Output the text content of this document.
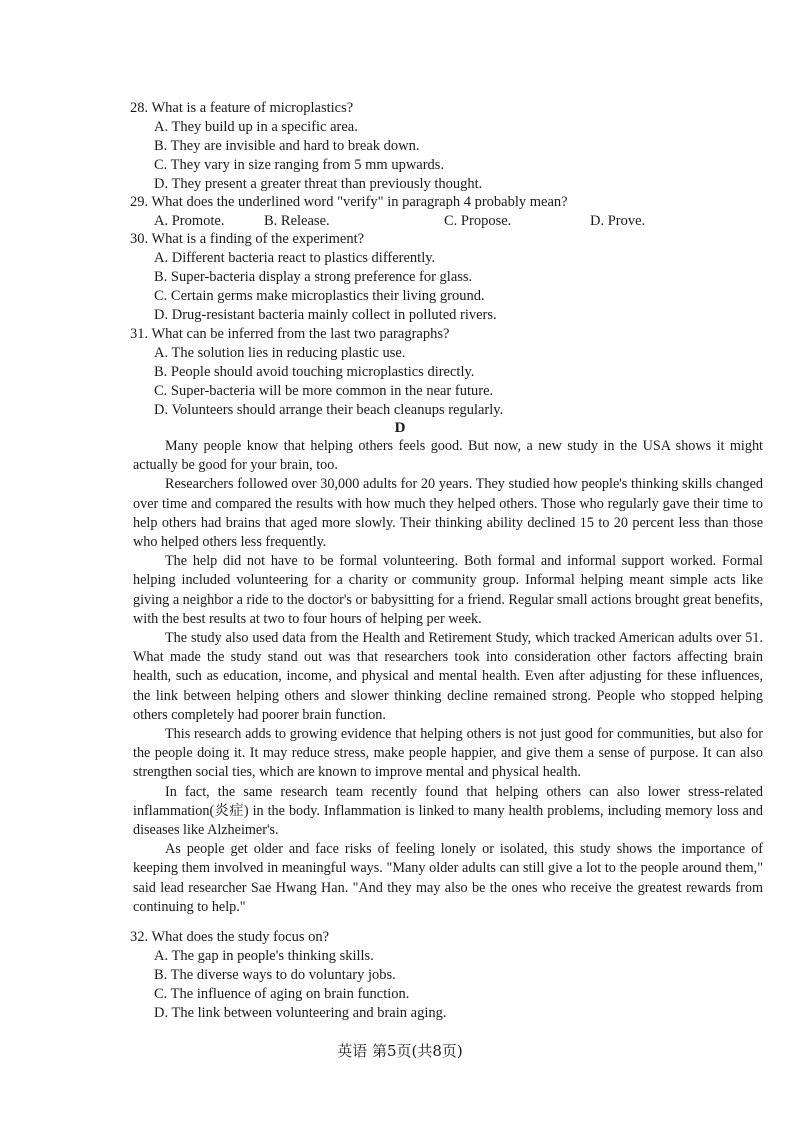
28. What is a feature of microplastics?
A. They build up in a specific area.
B. They are invisible and hard to break down.
C. They vary in size ranging from 5 mm upwards.
D. They present a greater threat than previously thought.
29. What does the underlined word "verify" in paragraph 4 probably mean?
A. Promote.	B. Release.	C. Propose.	D. Prove.
30. What is a finding of the experiment?
A. Different bacteria react to plastics differently.
B. Super-bacteria display a strong preference for glass.
C. Certain germs make microplastics their living ground.
D. Drug-resistant bacteria mainly collect in polluted rivers.
31. What can be inferred from the last two paragraphs?
A. The solution lies in reducing plastic use.
B. People should avoid touching microplastics directly.
C. Super-bacteria will be more common in the near future.
D. Volunteers should arrange their beach cleanups regularly.
D

Many people know that helping others feels good. But now, a new study in the USA shows it might actually be good for your brain, too.

Researchers followed over 30,000 adults for 20 years. They studied how people's thinking skills changed over time and compared the results with how much they helped others. Those who regularly gave their time to help others had brains that aged more slowly. Their thinking ability declined 15 to 20 percent less than those who helped others less frequently.

The help did not have to be formal volunteering. Both formal and informal support worked. Formal helping included volunteering for a charity or community group. Informal helping meant simple acts like giving a neighbor a ride to the doctor's or babysitting for a friend. Regular small actions brought great benefits, with the best results at two to four hours of helping per week.

The study also used data from the Health and Retirement Study, which tracked American adults over 51. What made the study stand out was that researchers took into consideration other factors affecting brain health, such as education, income, and physical and mental health. Even after adjusting for these influences, the link between helping others and slower thinking decline remained strong. People who stopped helping others completely had poorer brain function.

This research adds to growing evidence that helping others is not just good for communities, but also for the people doing it. It may reduce stress, make people happier, and give them a sense of purpose. It can also strengthen social ties, which are known to improve mental and physical health.

In fact, the same research team recently found that helping others can also lower stress-related inflammation(炎症) in the body. Inflammation is linked to many health problems, including memory loss and diseases like Alzheimer's.

As people get older and face risks of feeling lonely or isolated, this study shows the importance of keeping them involved in meaningful ways. "Many older adults can still give a lot to the people around them," said lead researcher Sae Hwang Han. "And they may also be the ones who receive the greatest rewards from continuing to help."

32. What does the study focus on?
A. The gap in people's thinking skills.
B. The diverse ways to do voluntary jobs.
C. The influence of aging on brain function.
D. The link between volunteering and brain aging.
英语 第5页(共8页)
